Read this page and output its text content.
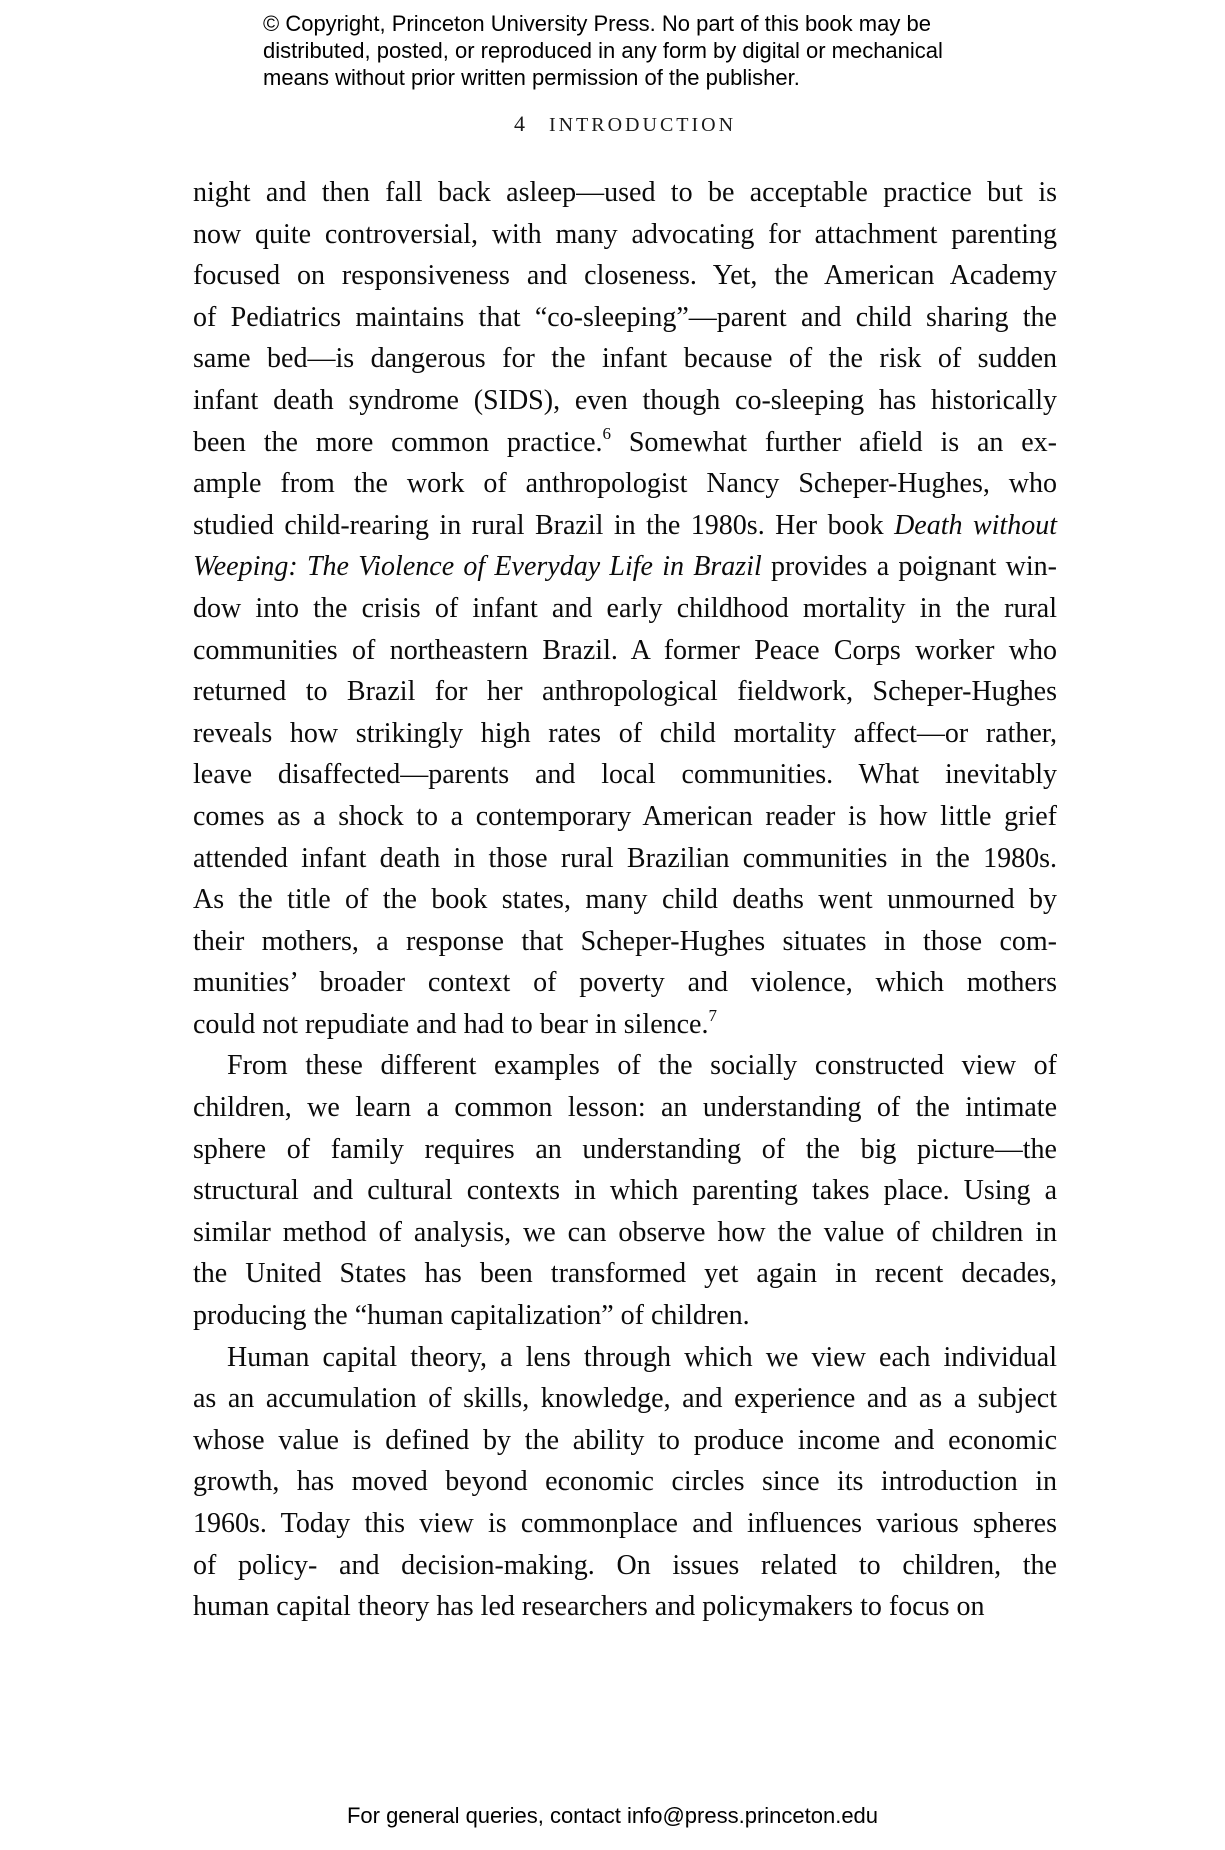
© Copyright, Princeton University Press. No part of this book may be
distributed, posted, or reproduced in any form by digital or mechanical
means without prior written permission of the publisher.
4 INTRODUCTION
night and then fall back asleep—used to be acceptable practice but is
now quite controversial, with many advocating for attachment parenting
focused on responsiveness and closeness. Yet, the American Academy
of Pediatrics maintains that “co-sleeping”—parent and child sharing the
same bed—is dangerous for the infant because of the risk of sudden
infant death syndrome (SIDS), even though co-sleeping has historically
been the more common practice.$^6$ Somewhat further afield is an ex-
ample from the work of anthropologist Nancy Scheper-Hughes, who
studied child-rearing in rural Brazil in the 1980s. Her book Death without
Weeping: The Violence of Everyday Life in Brazil provides a poignant win-
dow into the crisis of infant and early childhood mortality in the rural
communities of northeastern Brazil. A former Peace Corps worker who
returned to Brazil for her anthropological fieldwork, Scheper-Hughes
reveals how strikingly high rates of child mortality affect—or rather,
leave disaffected—parents and local communities. What inevitably
comes as a shock to a contemporary American reader is how little grief
attended infant death in those rural Brazilian communities in the 1980s.
As the title of the book states, many child deaths went unmourned by
their mothers, a response that Scheper-Hughes situates in those com-
munities’ broader context of poverty and violence, which mothers
could not repudiate and had to bear in silence.$^7$
From these different examples of the socially constructed view of
children, we learn a common lesson: an understanding of the intimate
sphere of family requires an understanding of the big picture—the
structural and cultural contexts in which parenting takes place. Using a
similar method of analysis, we can observe how the value of children in
the United States has been transformed yet again in recent decades,
producing the “human capitalization” of children.
Human capital theory, a lens through which we view each individual
as an accumulation of skills, knowledge, and experience and as a subject
whose value is defined by the ability to produce income and economic
growth, has moved beyond economic circles since its introduction in
1960s. Today this view is commonplace and influences various spheres
of policy- and decision-making. On issues related to children, the
human capital theory has led researchers and policymakers to focus on
For general queries, contact info@press.princeton.edu
